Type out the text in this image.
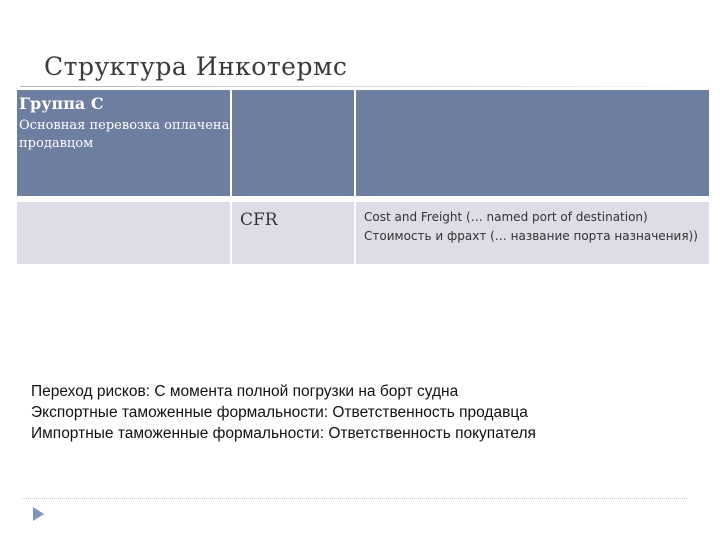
Структура Инкотермс
Группа С
Основная перевозка оплачена продавцом		

	CFR	Cost and Freight (… named port of destination)
Стоимость и фрахт (… название порта назначения))
Переход рисков: С момента полной погрузки на борт судна
Экспортные таможенные формальности: Ответственность продавца
Импортные таможенные формальности: Ответственность покупателя
